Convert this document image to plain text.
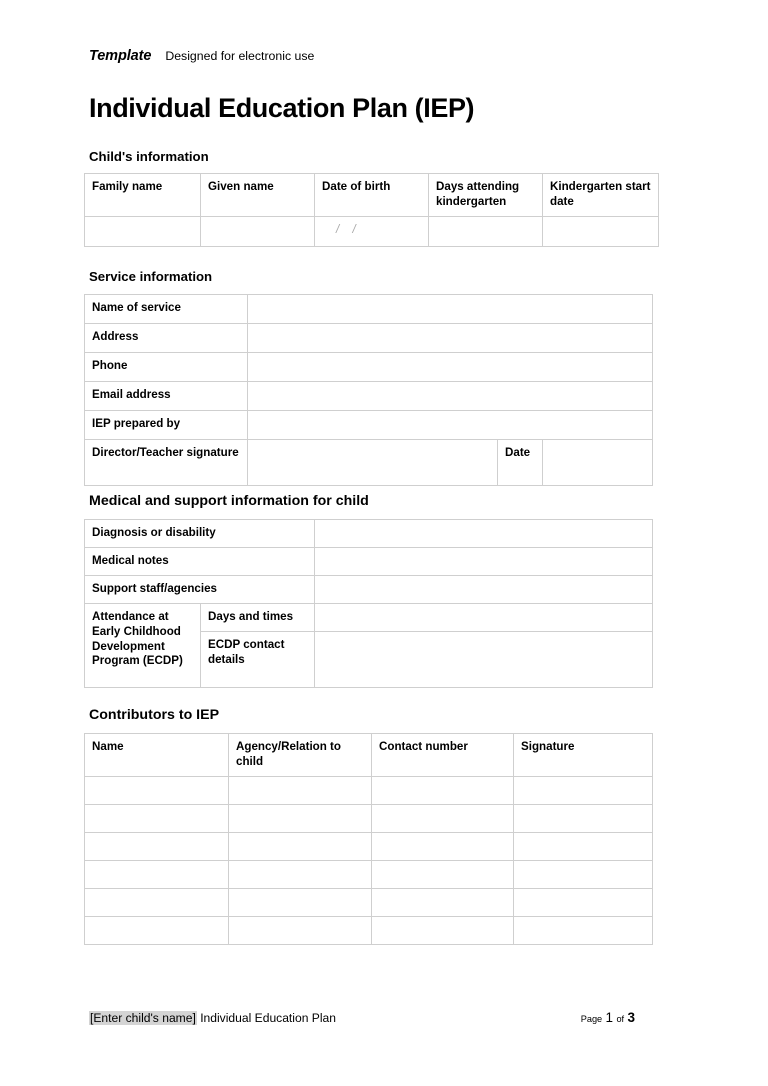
Template Designed for electronic use
Individual Education Plan (IEP)
Child's information
Family name	Given name	Date of birth	Days attending kindergarten	Kindergarten start date
		/ /		
Service information
Name of service			
Address			
Phone			
Email address			
IEP prepared by			
Director/Teacher signature		Date	
Medical and support information for child
Diagnosis or disability		
Medical notes		
Support staff/agencies		
Attendance at Early Childhood Development Program (ECDP)	Days and times	
	ECDP contact details	
Contributors to IEP
Name	Agency/Relation to child	Contact number	Signature

[Enter child's name] Individual Education Plan	Page 1 of 3
